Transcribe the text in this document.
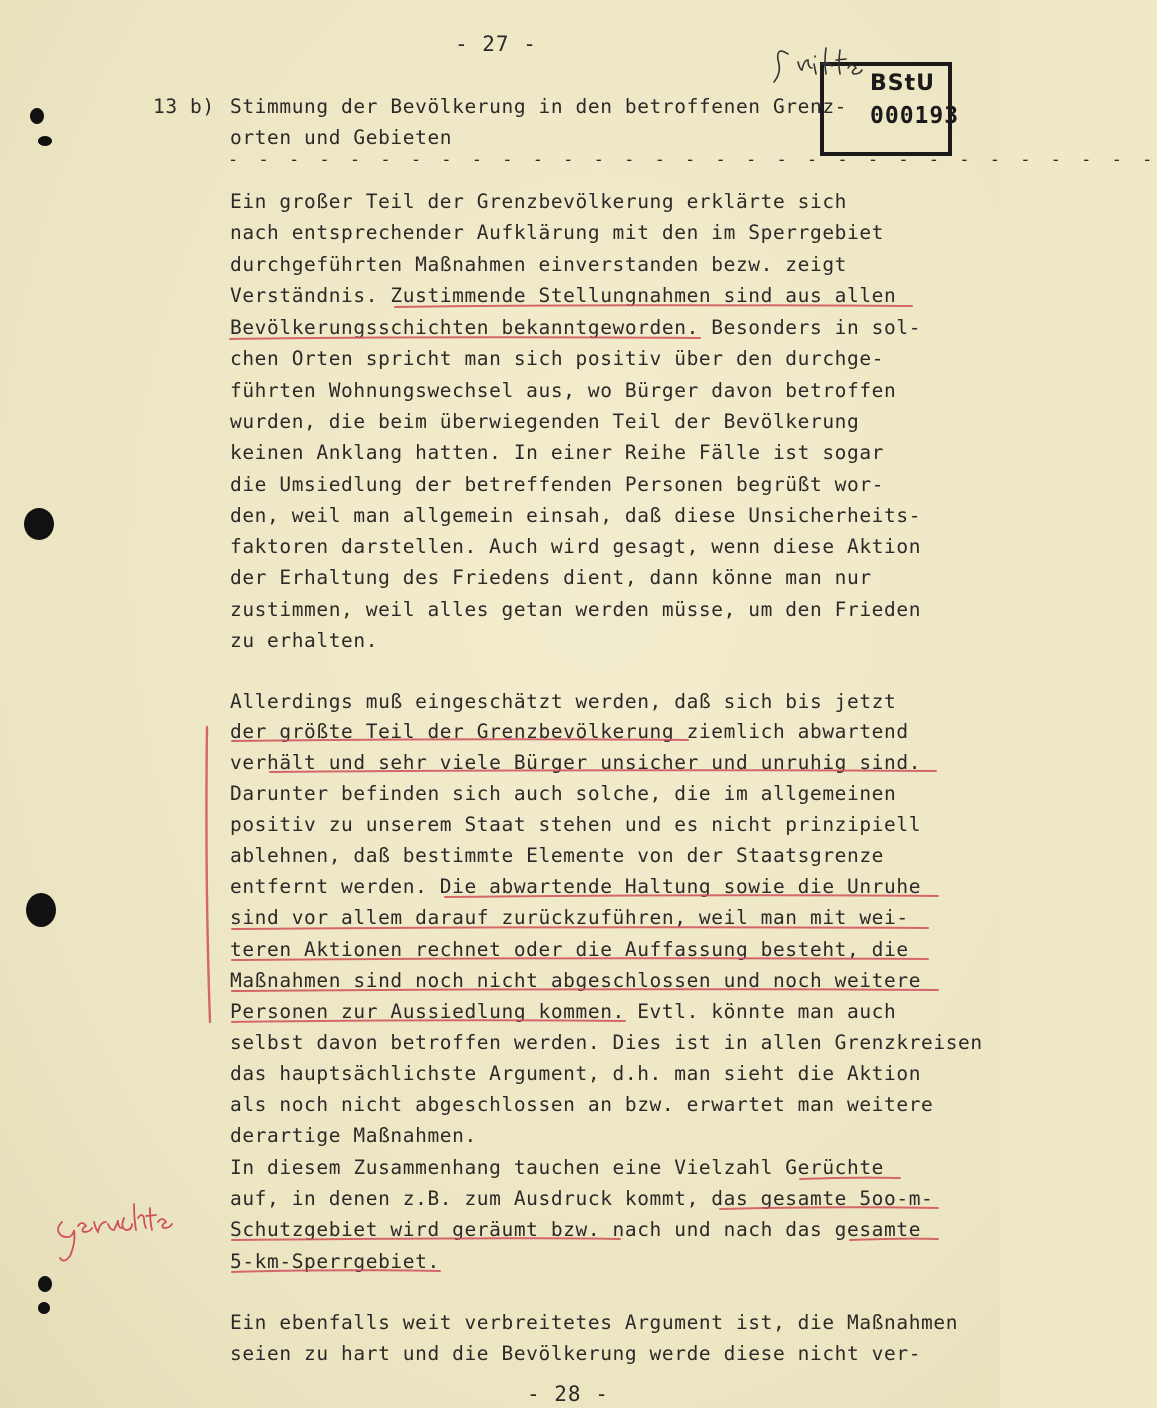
- 27 -
BStU
000193
13 b) Stimmung der Bevölkerung in den betroffenen Grenz-
orten und Gebieten
- - - - - - - - - - - - - - - - - - - - - - - - - - - - - - -
Ein großer Teil der Grenzbevölkerung erklärte sich
nach entsprechender Aufklärung mit den im Sperrgebiet
durchgeführten Maßnahmen einverstanden bezw. zeigt
Verständnis. Zustimmende Stellungnahmen sind aus allen
Bevölkerungsschichten bekanntgeworden. Besonders in sol-
chen Orten spricht man sich positiv über den durchge-
führten Wohnungswechsel aus, wo Bürger davon betroffen
wurden, die beim überwiegenden Teil der Bevölkerung
keinen Anklang hatten. In einer Reihe Fälle ist sogar
die Umsiedlung der betreffenden Personen begrüßt wor-
den, weil man allgemein einsah, daß diese Unsicherheits-
faktoren darstellen. Auch wird gesagt, wenn diese Aktion
der Erhaltung des Friedens dient, dann könne man nur
zustimmen, weil alles getan werden müsse, um den Frieden
zu erhalten.
Allerdings muß eingeschätzt werden, daß sich bis jetzt
der größte Teil der Grenzbevölkerung ziemlich abwartend
verhält und sehr viele Bürger unsicher und unruhig sind.
Darunter befinden sich auch solche, die im allgemeinen
positiv zu unserem Staat stehen und es nicht prinzipiell
ablehnen, daß bestimmte Elemente von der Staatsgrenze
entfernt werden. Die abwartende Haltung sowie die Unruhe
sind vor allem darauf zurückzuführen, weil man mit wei-
teren Aktionen rechnet oder die Auffassung besteht, die
Maßnahmen sind noch nicht abgeschlossen und noch weitere
Personen zur Aussiedlung kommen. Evtl. könnte man auch
selbst davon betroffen werden. Dies ist in allen Grenzkreisen
das hauptsächlichste Argument, d.h. man sieht die Aktion
als noch nicht abgeschlossen an bzw. erwartet man weitere
derartige Maßnahmen.
In diesem Zusammenhang tauchen eine Vielzahl Gerüchte
auf, in denen z.B. zum Ausdruck kommt, das gesamte 5oo-m-
Schutzgebiet wird geräumt bzw. nach und nach das gesamte
5-km-Sperrgebiet.
Ein ebenfalls weit verbreitetes Argument ist, die Maßnahmen
seien zu hart und die Bevölkerung werde diese nicht ver-
- 28 -
